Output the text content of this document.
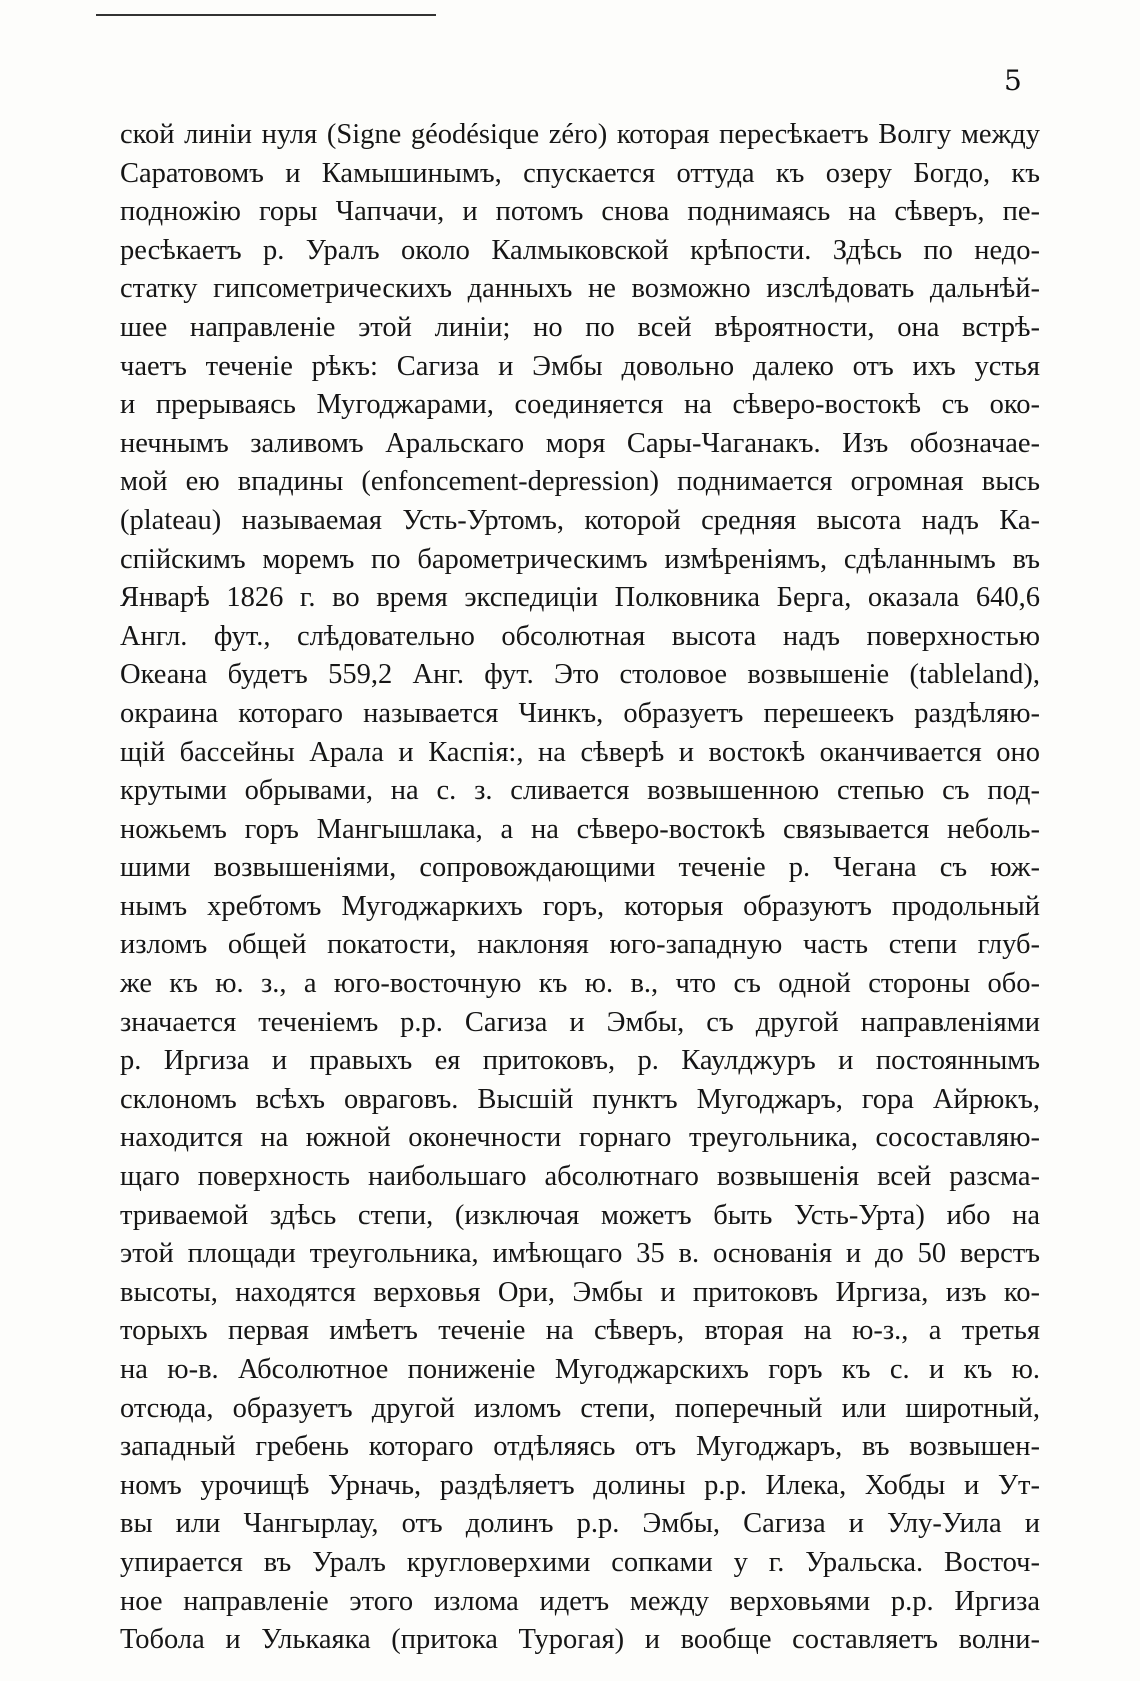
5
ской линіи нуля (Signe géodésique zéro) которая пересѣкаетъ Волгу между
Саратовомъ и Камышинымъ, спускается оттуда къ озеру Богдо, къ
подножію горы Чапчачи, и потомъ снова поднимаясь на сѣверъ, пе-
ресѣкаетъ р. Уралъ около Калмыковской крѣпости. Здѣсь по недо-
статку гипсометрическихъ данныхъ не возможно изслѣдовать дальнѣй-
шее направленіе этой линіи; но по всей вѣроятности, она встрѣ-
чаетъ теченіе рѣкъ: Сагиза и Эмбы довольно далеко отъ ихъ устья
и прерываясь Мугоджарами, соединяется на сѣверо-востокѣ съ око-
нечнымъ заливомъ Аральскаго моря Сары-Чаганакъ. Изъ обозначае-
мой ею впадины (enfoncement-depression) поднимается огромная высь
(plateau) называемая Усть-Уртомъ, которой средняя высота надъ Ка-
спійскимъ моремъ по барометрическимъ измѣреніямъ, сдѣланнымъ въ
Январѣ 1826 г. во время экспедиціи Полковника Берга, оказала 640,6
Англ. фут., слѣдовательно обсолютная высота надъ поверхностью
Океана будетъ 559,2 Анг. фут. Это столовое возвышеніе (tableland),
окраина котораго называется Чинкъ, образуетъ перешеекъ раздѣляю-
щій бассейны Арала и Каспія:, на сѣверѣ и востокѣ оканчивается оно
крутыми обрывами, на с. з. сливается возвышенною степью съ под-
ножьемъ горъ Мангышлака, а на сѣверо-востокѣ связывается неболь-
шими возвышеніями, сопровождающими теченіе р. Чегана съ юж-
нымъ хребтомъ Мугоджаркихъ горъ, которыя образуютъ продольный
изломъ общей покатости, наклоняя юго-западную часть степи глуб-
же къ ю. з., а юго-восточную къ ю. в., что съ одной стороны обо-
значается теченіемъ р.р. Сагиза и Эмбы, съ другой направленіями
р. Иргиза и правыхъ ея притоковъ, р. Каулджуръ и постояннымъ
склономъ всѣхъ овраговъ. Высшій пунктъ Мугоджаръ, гора Айрюкъ,
находится на южной оконечности горнаго треугольника, сосоставляю-
щаго поверхность наибольшаго абсолютнаго возвышенія всей разсма-
триваемой здѣсь степи, (изключая можетъ быть Усть-Урта) ибо на
этой площади треугольника, имѣющаго 35 в. основанія и до 50 верстъ
высоты, находятся верховья Ори, Эмбы и притоковъ Иргиза, изъ ко-
торыхъ первая имѣетъ теченіе на сѣверъ, вторая на ю-з., а третья
на ю-в. Абсолютное пониженіе Мугоджарскихъ горъ къ с. и къ ю.
отсюда, образуетъ другой изломъ степи, поперечный или широтный,
западный гребень котораго отдѣляясь отъ Мугоджаръ, въ возвышен-
номъ урочищѣ Урначь, раздѣляетъ долины р.р. Илека, Хобды и Ут-
вы или Чангырлау, отъ долинъ р.р. Эмбы, Сагиза и Улу-Уила и
упирается въ Уралъ кругловерхими сопками у г. Уральска. Восточ-
ное направленіе этого излома идетъ между верховьями р.р. Иргиза
Тобола и Улькаяка (притока Турогая) и вообще составляетъ волни-
